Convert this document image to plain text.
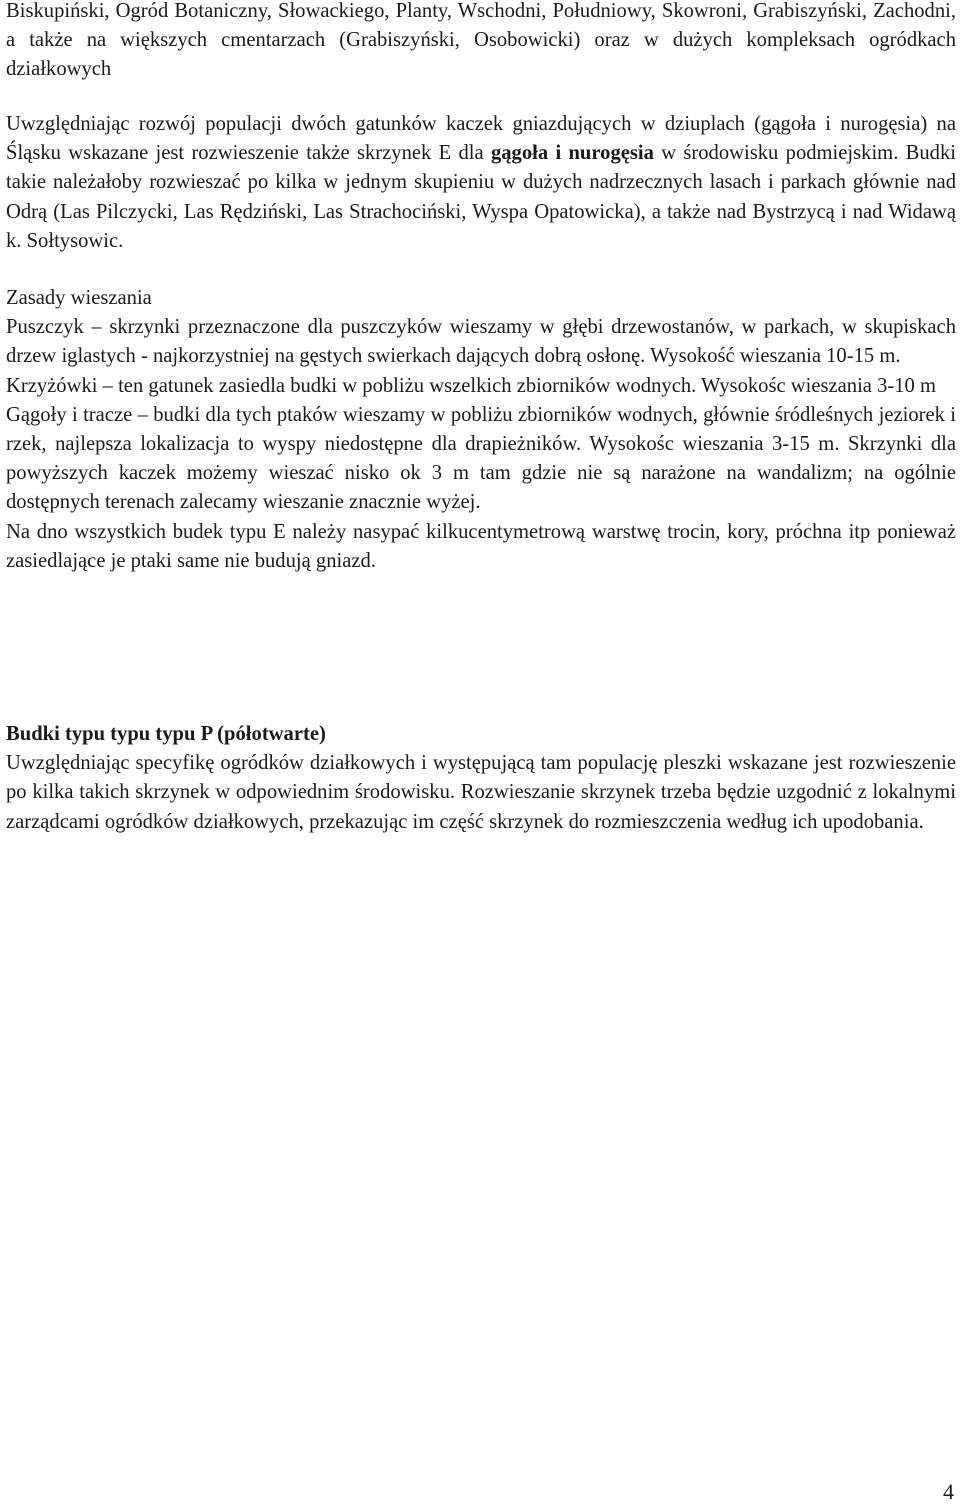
Biskupiński, Ogród Botaniczny, Słowackiego, Planty, Wschodni, Południowy, Skowroni, Grabiszyński, Zachodni, a także na większych cmentarzach (Grabiszyński, Osobowicki) oraz w dużych kompleksach ogródkach działkowych

Uwzględniając rozwój populacji dwóch gatunków kaczek gniazdujących w dziuplach (gągoła i nurogęsia) na Śląsku wskazane jest rozwieszenie także skrzynek E dla gągoła i nurogęsia w środowisku podmiejskim. Budki takie należałoby rozwieszać po kilka w jednym skupieniu w dużych nadrzecznych lasach i parkach głównie nad Odrą (Las Pilczycki, Las Rędziński, Las Strachociński, Wyspa Opatowicka), a także nad Bystrzycą i nad Widawą k. Sołtysowic.

Zasady wieszania

Puszczyk – skrzynki przeznaczone dla puszczyków wieszamy w głębi drzewostanów, w parkach, w skupiskach drzew iglastych - najkorzystniej na gęstych swierkach dających dobrą osłonę. Wysokość wieszania 10-15 m.

Krzyżówki – ten gatunek zasiedla budki w pobliżu wszelkich zbiorników wodnych. Wysokośc wieszania 3-10 m

Gągoły i tracze – budki dla tych ptaków wieszamy w pobliżu zbiorników wodnych, głównie śródleśnych jeziorek i rzek, najlepsza lokalizacja to wyspy niedostępne dla drapieżników. Wysokośc wieszania 3-15 m. Skrzynki dla powyższych kaczek możemy wieszać nisko ok 3 m tam gdzie nie są narażone na wandalizm; na ogólnie dostępnych terenach zalecamy wieszanie znacznie wyżej.

Na dno wszystkich budek typu E należy nasypać kilkucentymetrową warstwę trocin, kory, próchna itp ponieważ zasiedlające je ptaki same nie budują gniazd.

Budki typu typu typu P (półotwarte)

Uwzględniając specyfikę ogródków działkowych i występującą tam populację pleszki wskazane jest rozwieszenie po kilka takich skrzynek w odpowiednim środowisku. Rozwieszanie skrzynek trzeba będzie uzgodnić z lokalnymi zarządcami ogródków działkowych, przekazując im część skrzynek do rozmieszczenia według ich upodobania.

4
